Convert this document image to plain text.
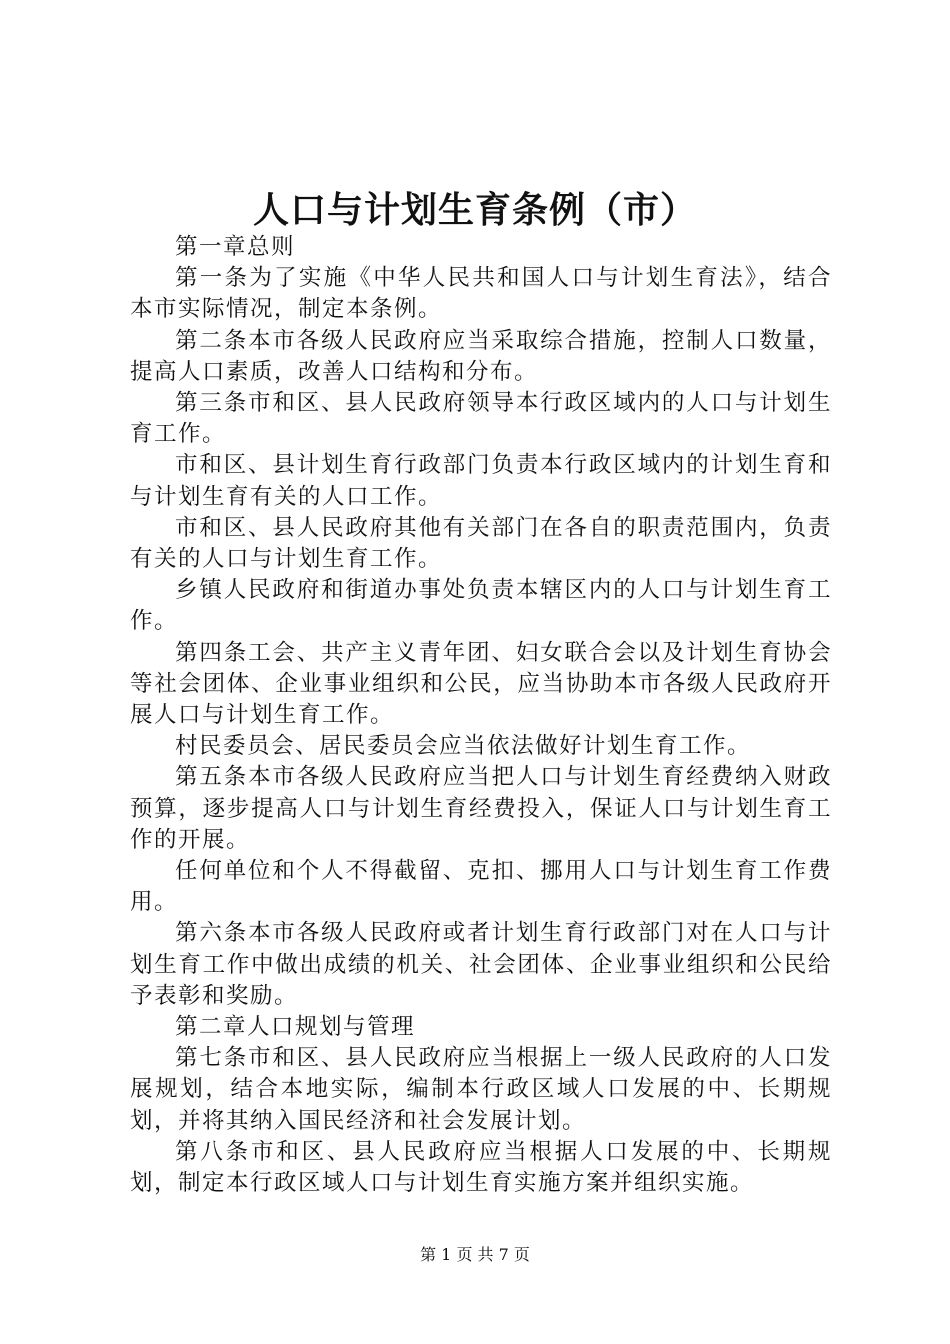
人口与计划生育条例（市）

第一章总则

第一条为了实施《中华人民共和国人口与计划生育法》，结合本市实际情况，制定本条例。

第二条本市各级人民政府应当采取综合措施，控制人口数量，提高人口素质，改善人口结构和分布。

第三条市和区、县人民政府领导本行政区域内的人口与计划生育工作。

市和区、县计划生育行政部门负责本行政区域内的计划生育和与计划生育有关的人口工作。

市和区、县人民政府其他有关部门在各自的职责范围内，负责有关的人口与计划生育工作。

乡镇人民政府和街道办事处负责本辖区内的人口与计划生育工作。

第四条工会、共产主义青年团、妇女联合会以及计划生育协会等社会团体、企业事业组织和公民，应当协助本市各级人民政府开展人口与计划生育工作。

村民委员会、居民委员会应当依法做好计划生育工作。

第五条本市各级人民政府应当把人口与计划生育经费纳入财政预算，逐步提高人口与计划生育经费投入，保证人口与计划生育工作的开展。

任何单位和个人不得截留、克扣、挪用人口与计划生育工作费用。

第六条本市各级人民政府或者计划生育行政部门对在人口与计划生育工作中做出成绩的机关、社会团体、企业事业组织和公民给予表彰和奖励。

第二章人口规划与管理

第七条市和区、县人民政府应当根据上一级人民政府的人口发展规划，结合本地实际，编制本行政区域人口发展的中、长期规划，并将其纳入国民经济和社会发展计划。

第八条市和区、县人民政府应当根据人口发展的中、长期规划，制定本行政区域人口与计划生育实施方案并组织实施。

第 1 页 共 7 页
